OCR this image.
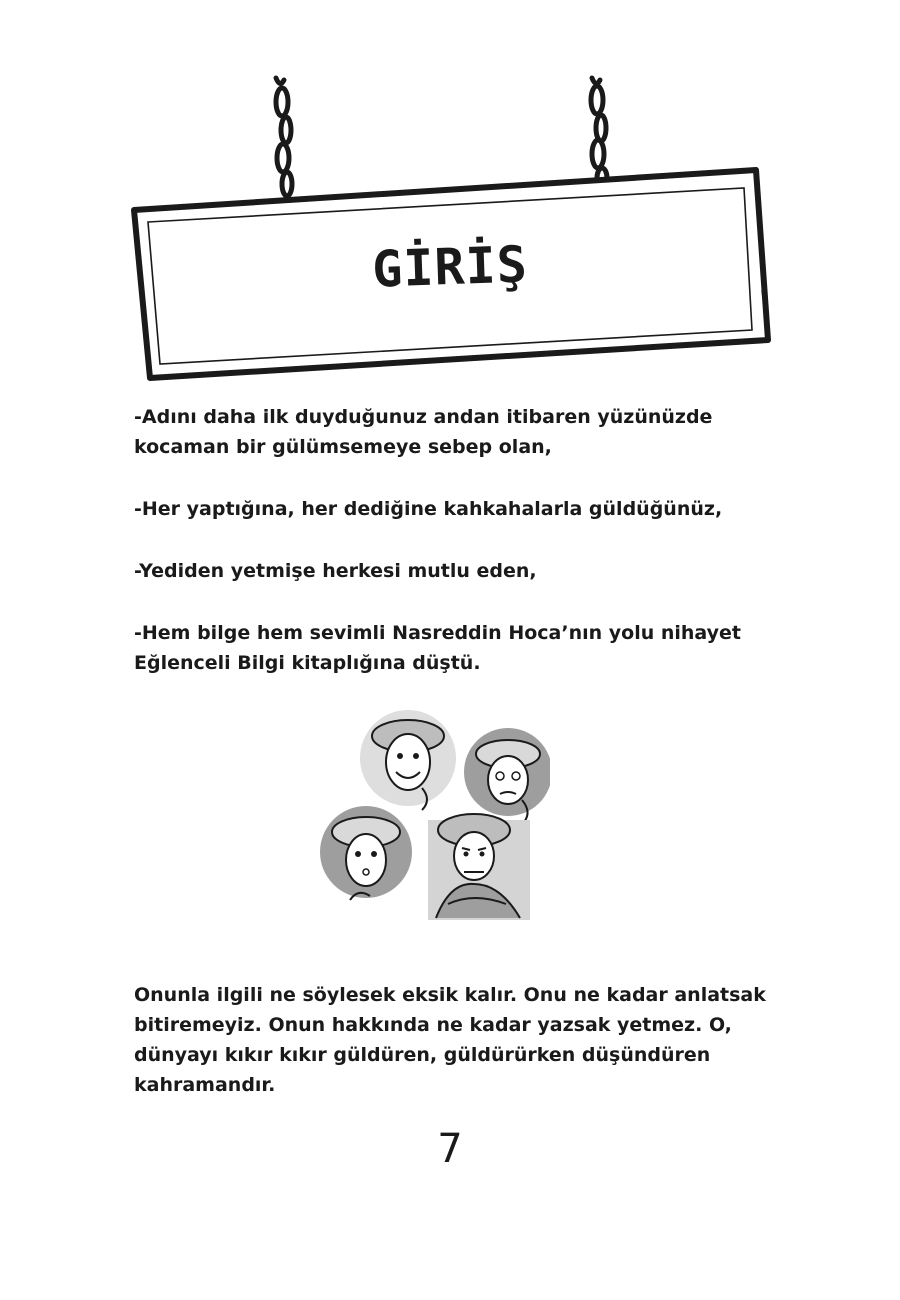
GİRİŞ

-Adını daha ilk duyduğunuz andan itibaren yüzünüzde kocaman bir gülümsemeye sebep olan,

-Her yaptığına, her dediğine kahkahalarla güldüğünüz,

-Yediden yetmişe herkesi mutlu eden,

-Hem bilge hem sevimli Nasreddin Hoca’nın yolu nihayet Eğlenceli Bilgi kitaplığına düştü.

Onunla ilgili ne söylesek eksik kalır. Onu ne kadar anlatsak bitiremeyiz. Onun hakkında ne kadar yazsak yetmez. O, dünyayı kıkır kıkır güldüren, güldürürken düşündüren kahramandır.

7
